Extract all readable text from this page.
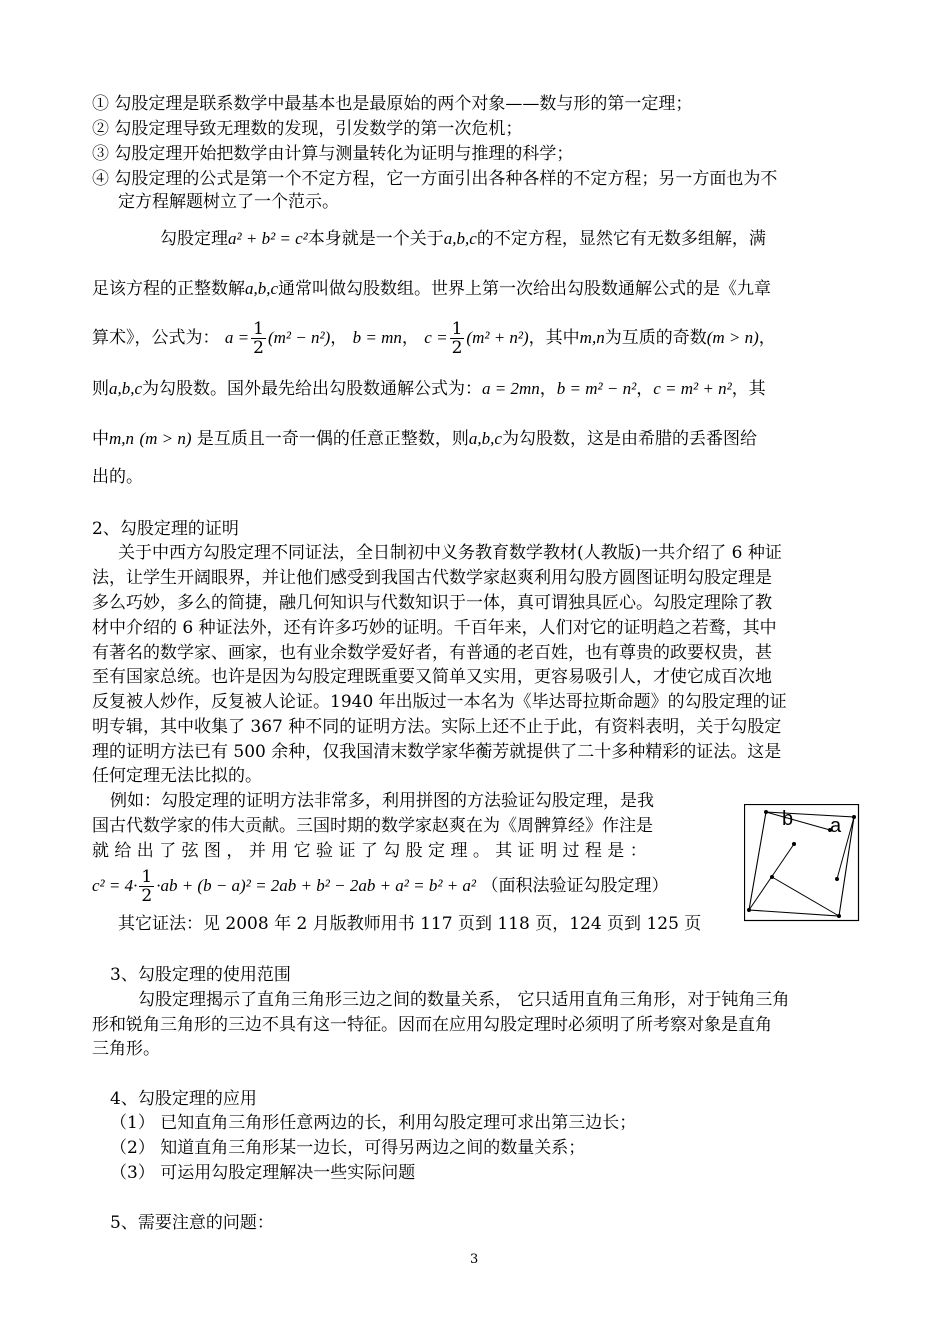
① 勾股定理是联系数学中最基本也是最原始的两个对象——数与形的第一定理；
② 勾股定理导致无理数的发现，引发数学的第一次危机；
③ 勾股定理开始把数学由计算与测量转化为证明与推理的科学；
④ 勾股定理的公式是第一个不定方程，它一方面引出各种各样的不定方程；另一方面也为不
定方程解题树立了一个范示。
勾股定理a² + b² = c²本身就是一个关于a,b,c的不定方程，显然它有无数多组解，满
足该方程的正整数解a,b,c通常叫做勾股数组。世界上第一次给出勾股数通解公式的是《九章
算术》，公式为： $a = \frac{1}{2} (m^2 - n^2)$， b = mn， $c = \frac{1}{2} (m^2 + n^2)$，其中m,n为互质的奇数(m > n)，
则a,b,c为勾股数。国外最先给出勾股数通解公式为：a = 2mn，b = m² − n²，c = m² + n²，其
中m,n (m > n) 是互质且一奇一偶的任意正整数，则a,b,c为勾股数，这是由希腊的丢番图给
出的。
2、勾股定理的证明
关于中西方勾股定理不同证法，全日制初中义务教育数学教材(人教版)一共介绍了 6 种证
法，让学生开阔眼界，并让他们感受到我国古代数学家赵爽利用勾股方圆图证明勾股定理是
多么巧妙，多么的简捷，融几何知识与代数知识于一体，真可谓独具匠心。勾股定理除了教
材中介绍的 6 种证法外，还有许多巧妙的证明。千百年来，人们对它的证明趋之若鹜，其中
有著名的数学家、画家，也有业余数学爱好者，有普通的老百姓，也有尊贵的政要权贵，甚
至有国家总统。也许是因为勾股定理既重要又简单又实用，更容易吸引人，才使它成百次地
反复被人炒作，反复被人论证。1940 年出版过一本名为《毕达哥拉斯命题》的勾股定理的证
明专辑，其中收集了 367 种不同的证明方法。实际上还不止于此，有资料表明，关于勾股定
理的证明方法已有 500 余种，仅我国清末数学家华蘅芳就提供了二十多种精彩的证法。这是
任何定理无法比拟的。
例如：勾股定理的证明方法非常多，利用拼图的方法验证勾股定理，是我
国古代数学家的伟大贡献。三国时期的数学家赵爽在为《周髀算经》作注是
就 给 出 了 弦 图 ， 并 用 它 验 证 了 勾 股 定 理 。 其 证 明 过 程 是 ：
$c^2 = 4\cdot \frac{1}{2} \cdot ab + (b - a)^2 = 2ab + b^2 - 2ab + a^2 = b^2 + a^2$ （面积法验证勾股定理）
其它证法：见 2008 年 2 月版教师用书 117 页到 118 页，124 页到 125 页
b a
3、勾股定理的使用范围
勾股定理揭示了直角三角形三边之间的数量关系， 它只适用直角三角形，对于钝角三角
形和锐角三角形的三边不具有这一特征。因而在应用勾股定理时必须明了所考察对象是直角
三角形。
4、勾股定理的应用
（1） 已知直角三角形任意两边的长，利用勾股定理可求出第三边长；
（2） 知道直角三角形某一边长，可得另两边之间的数量关系；
（3） 可运用勾股定理解决一些实际问题
5、需要注意的问题：
3
